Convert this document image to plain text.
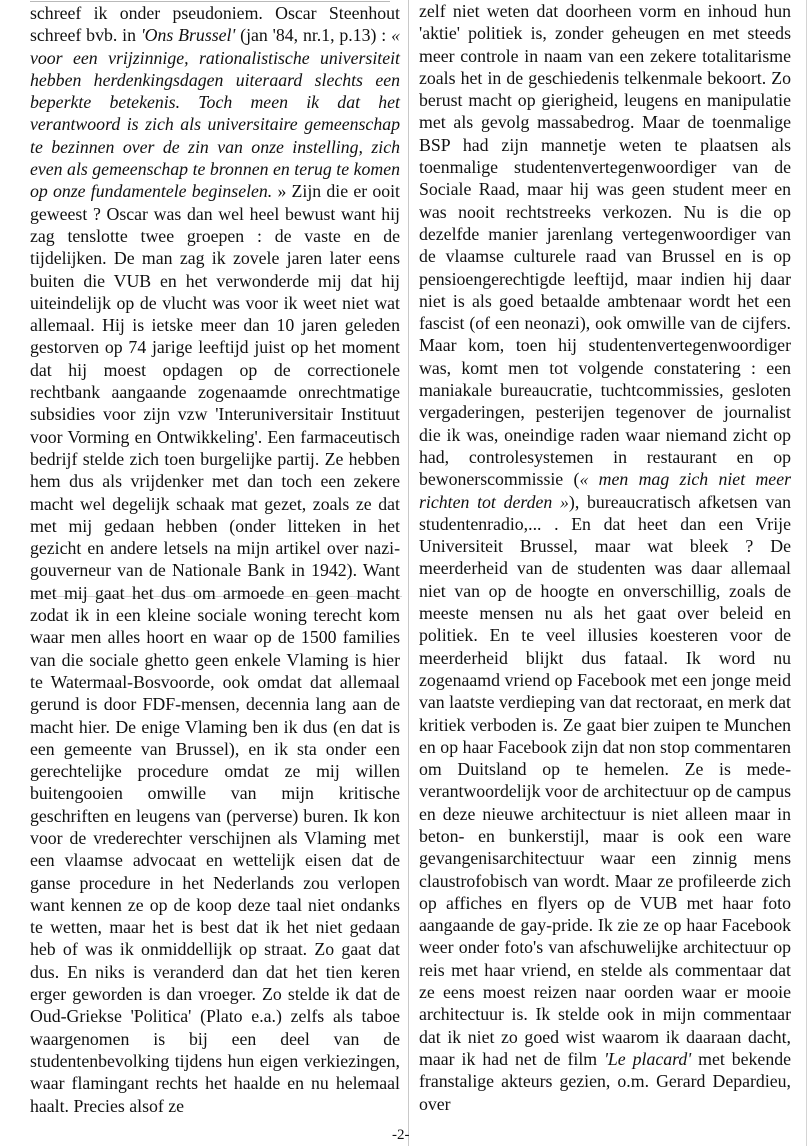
schreef ik onder pseudoniem. Oscar Steenhout schreef bvb. in 'Ons Brussel' (jan '84, nr.1, p.13) : « voor een vrijzinnige, rationalistische universiteit hebben herdenkingsdagen uiteraard slechts een beperkte betekenis. Toch meen ik dat het verantwoord is zich als universitaire gemeenschap te bezinnen over de zin van onze instelling, zich even als gemeenschap te bronnen en terug te komen op onze fundamentele beginselen. » Zijn die er ooit geweest ? Oscar was dan wel heel bewust want hij zag tenslotte twee groepen : de vaste en de tijdelijken. De man zag ik zovele jaren later eens buiten die VUB en het verwonderde mij dat hij uiteindelijk op de vlucht was voor ik weet niet wat allemaal. Hij is ietske meer dan 10 jaren geleden gestorven op 74 jarige leeftijd juist op het moment dat hij moest opdagen op de correctionele rechtbank aangaande zogenaamde onrechtmatige subsidies voor zijn vzw 'Interuniversitair Instituut voor Vorming en Ontwikkeling'. Een farmaceutisch bedrijf stelde zich toen burgelijke partij. Ze hebben hem dus als vrijdenker met dan toch een zekere macht wel degelijk schaak mat gezet, zoals ze dat met mij gedaan hebben (onder litteken in het gezicht en andere letsels na mijn artikel over nazi-gouverneur van de Nationale Bank in 1942). Want met mij gaat het dus om armoede en geen macht zodat ik in een kleine sociale woning terecht kom waar men alles hoort en waar op de 1500 families van die sociale ghetto geen enkele Vlaming is hier te Watermaal-Bosvoorde, ook omdat dat allemaal gerund is door FDF-mensen, decennia lang aan de macht hier. De enige Vlaming ben ik dus (en dat is een gemeente van Brussel), en ik sta onder een gerechtelijke procedure omdat ze mij willen buitengooien omwille van mijn kritische geschriften en leugens van (perverse) buren. Ik kon voor de vrederechter verschijnen als Vlaming met een vlaamse advocaat en wettelijk eisen dat de ganse procedure in het Nederlands zou verlopen want kennen ze op de koop deze taal niet ondanks te wetten, maar het is best dat ik het niet gedaan heb of was ik onmiddellijk op straat. Zo gaat dat dus. En niks is veranderd dan dat het tien keren erger geworden is dan vroeger. Zo stelde ik dat de Oud-Griekse 'Politica' (Plato e.a.) zelfs als taboe waargenomen is bij een deel van de studentenbevolking tijdens hun eigen verkiezingen, waar flamingant rechts het haalde en nu helemaal haalt. Precies alsof ze

zelf niet weten dat doorheen vorm en inhoud hun 'aktie' politiek is, zonder geheugen en met steeds meer controle in naam van een zekere totalitarisme zoals het in de geschiedenis telkenmale bekoort. Zo berust macht op gierigheid, leugens en manipulatie met als gevolg massabedrog. Maar de toenmalige BSP had zijn mannetje weten te plaatsen als toenmalige studentenvertegenwoordiger van de Sociale Raad, maar hij was geen student meer en was nooit rechtstreeks verkozen. Nu is die op dezelfde manier jarenlang vertegenwoordiger van de vlaamse culturele raad van Brussel en is op pensioengerechtigde leeftijd, maar indien hij daar niet is als goed betaalde ambtenaar wordt het een fascist (of een neonazi), ook omwille van de cijfers. Maar kom, toen hij studentenvertegenwoordiger was, komt men tot volgende constatering : een maniakale bureaucratie, tuchtcommissies, gesloten vergaderingen, pesterijen tegenover de journalist die ik was, oneindige raden waar niemand zicht op had, controlesystemen in restaurant en op bewonerscommissie (« men mag zich niet meer richten tot derden »), bureaucratisch afketsen van studentenradio,... . En dat heet dan een Vrije Universiteit Brussel, maar wat bleek ? De meerderheid van de studenten was daar allemaal niet van op de hoogte en onverschillig, zoals de meeste mensen nu als het gaat over beleid en politiek. En te veel illusies koesteren voor de meerderheid blijkt dus fataal. Ik word nu zogenaamd vriend op Facebook met een jonge meid van laatste verdieping van dat rectoraat, en merk dat kritiek verboden is. Ze gaat bier zuipen te Munchen en op haar Facebook zijn dat non stop commentaren om Duitsland op te hemelen. Ze is mede-verantwoordelijk voor de architectuur op de campus en deze nieuwe architectuur is niet alleen maar in beton- en bunkerstijl, maar is ook een ware gevangenisarchitectuur waar een zinnig mens claustrofobisch van wordt. Maar ze profileerde zich op affiches en flyers op de VUB met haar foto aangaande de gay-pride. Ik zie ze op haar Facebook weer onder foto's van afschuwelijke architectuur op reis met haar vriend, en stelde als commentaar dat ze eens moest reizen naar oorden waar er mooie architectuur is. Ik stelde ook in mijn commentaar dat ik niet zo goed wist waarom ik daaraan dacht, maar ik had net de film 'Le placard' met bekende franstalige akteurs gezien, o.m. Gerard Depardieu, over

-2-
